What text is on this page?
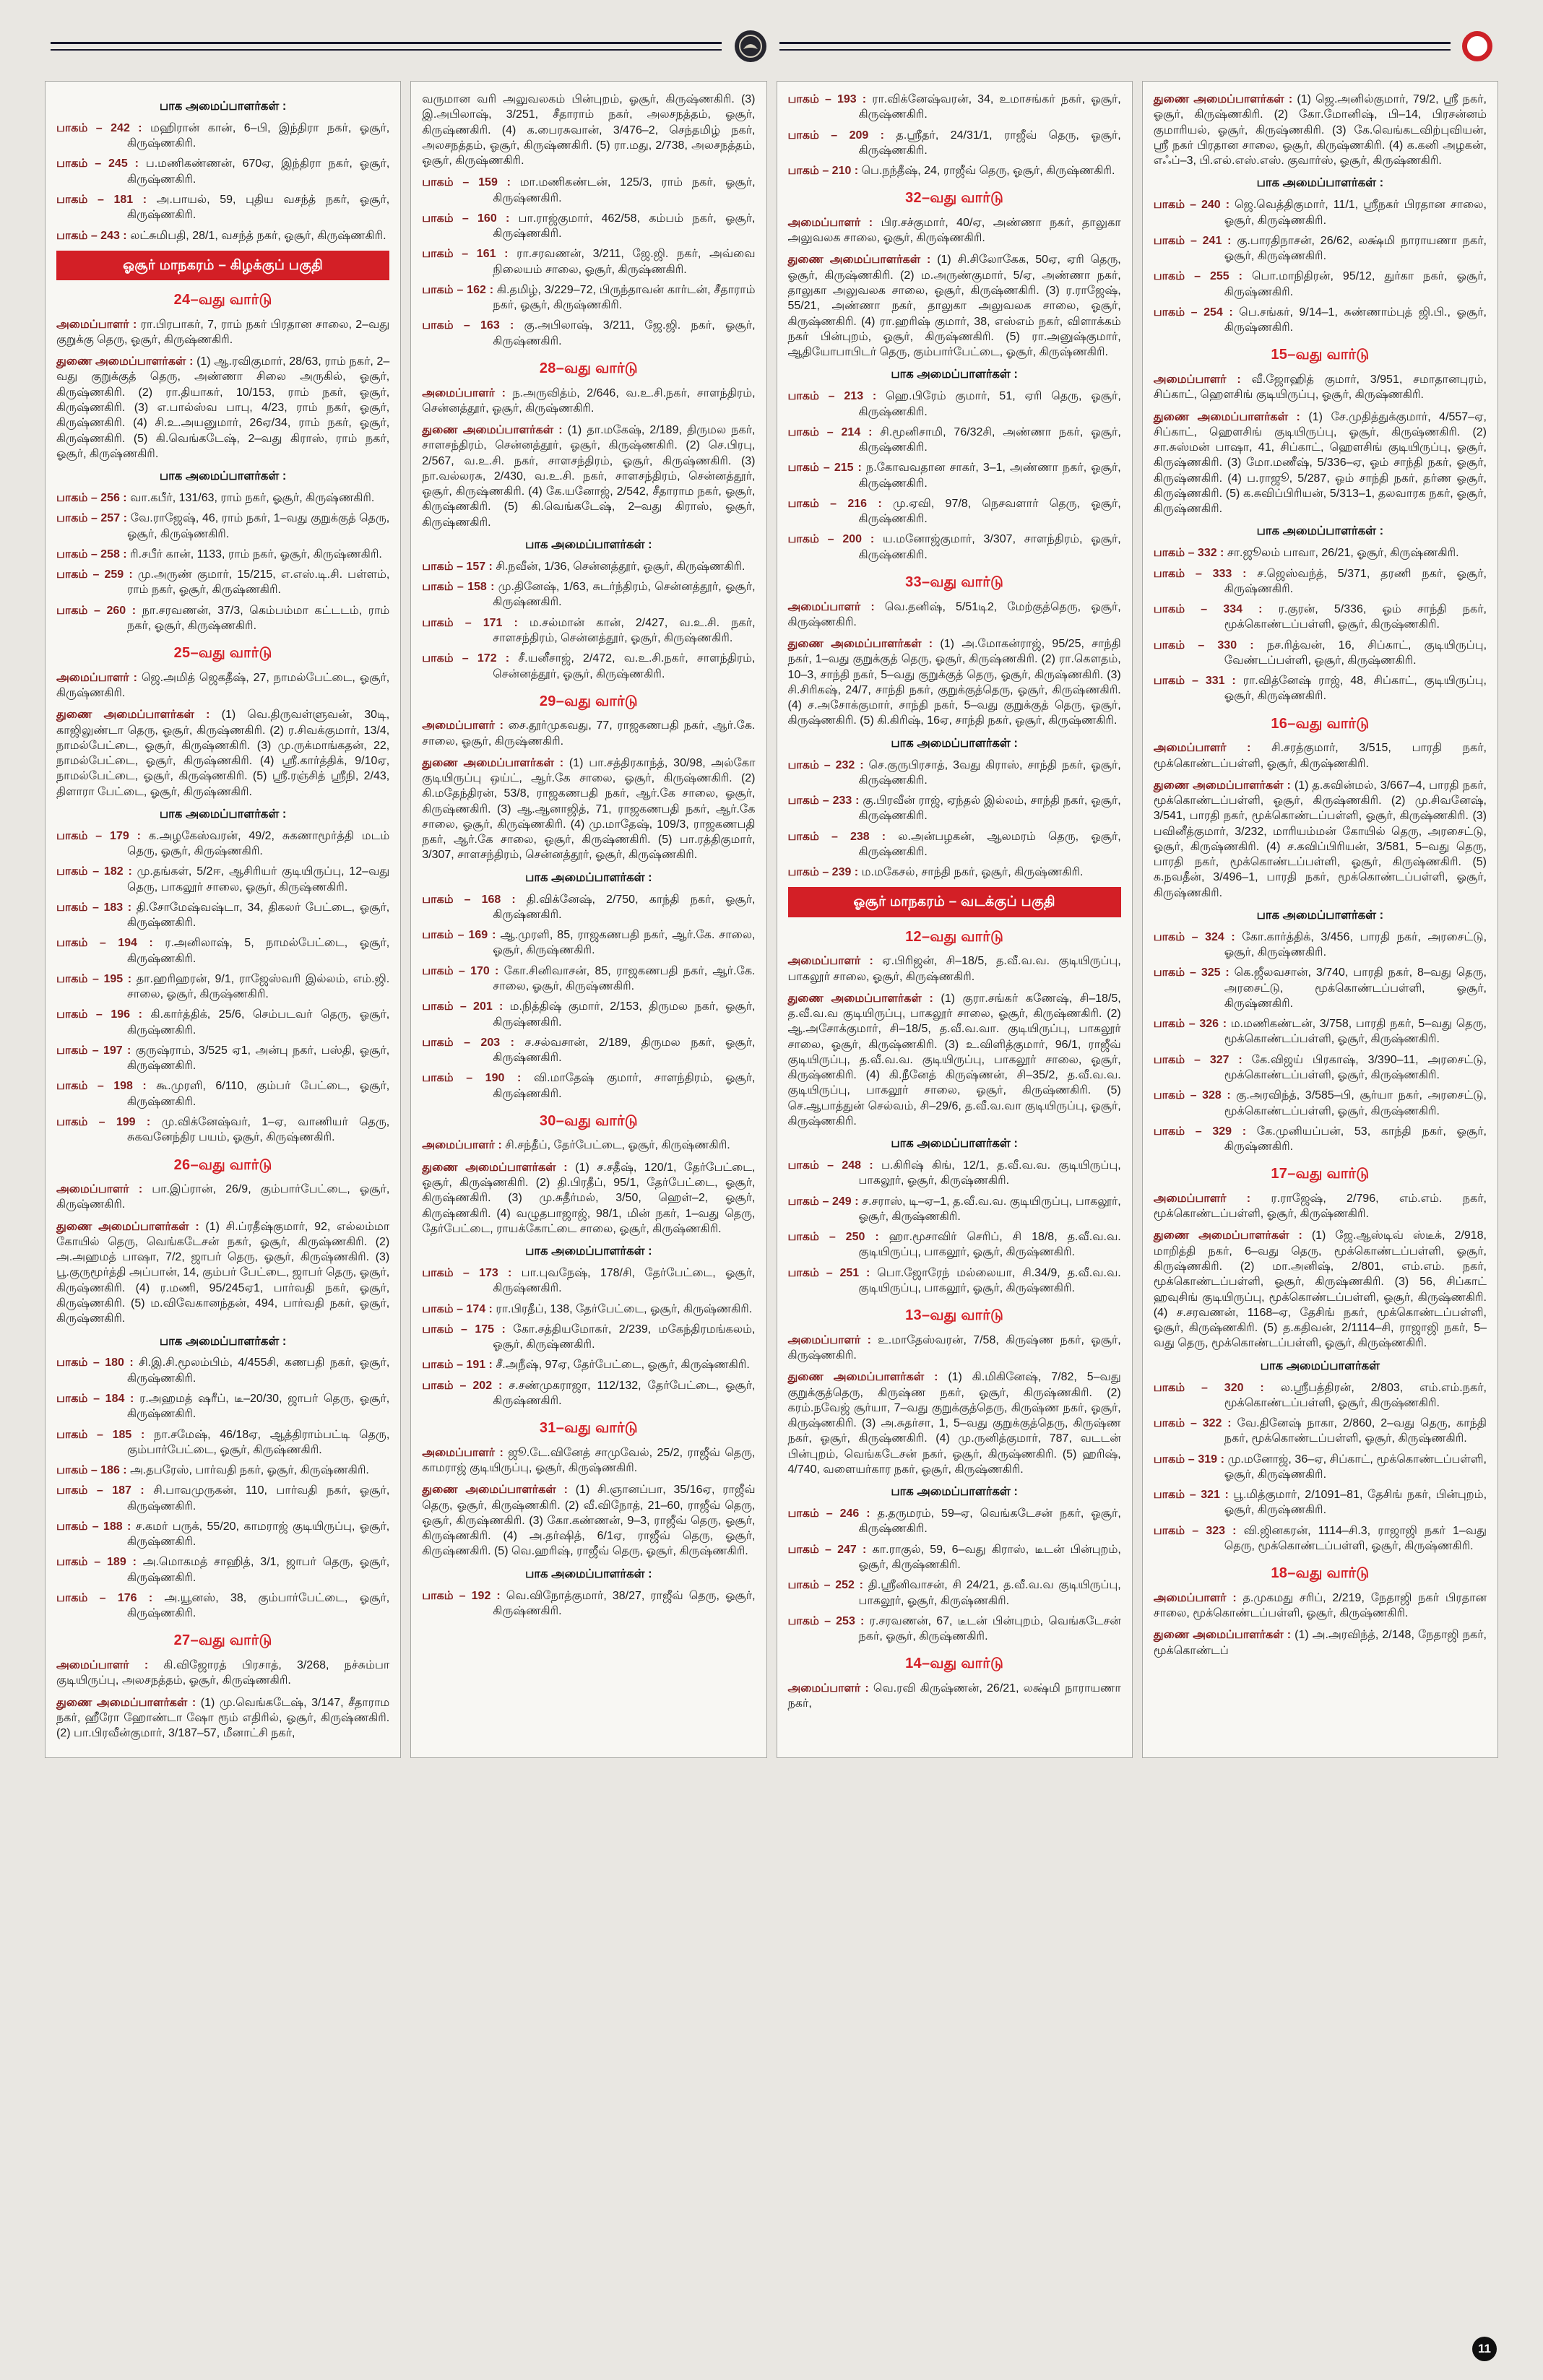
பாக அமைப்பாளர்கள் :

பாகம் – 242 : மஹிரான் கான், 6–பி, இந்திரா நகர், ஓசூர், கிருஷ்ணகிரி.

பாகம் – 245 : ப.மணிகண்ணன், 670ஏ, இந்திரா நகர், ஓசூர், கிருஷ்ணகிரி.

பாகம் – 181 : அ.பாயல், 59, புதிய வசந்த் நகர், ஓசூர், கிருஷ்ணகிரி.

பாகம் – 243 : லட்சுமிபதி, 28/1, வசந்த் நகர், ஓசூர், கிருஷ்ணகிரி.

ஓசூர் மாநகரம் – கிழக்குப் பகுதி
24–வது வார்டு

அமைப்பாளர் : ரா.பிரபாகர், 7, ராம் நகர் பிரதான சாலை, 2–வது குறுக்கு தெரு, ஓசூர், கிருஷ்ணகிரி.

துணை அமைப்பாளர்கள் : (1) ஆ.ரவிகுமார், 28/63, ராம் நகர், 2–வது குறுக்குத் தெரு, அண்ணா சிலை அருகில், ஓசூர், கிருஷ்ணகிரி. (2) ரா.தியாகர், 10/153, ராம் நகர், ஓசூர், கிருஷ்ணகிரி. (3) எ.பால்ஸ்வ பாபு, 4/23, ராம் நகர், ஓசூர், கிருஷ்ணகிரி. (4) சி.உ.அயனுமார், 26ஏ/34, ராம் நகர், ஓசூர், கிருஷ்ணகிரி. (5) கி.வெங்கடேஷ், 2–வது கிராஸ், ராம் நகர், ஓசூர், கிருஷ்ணகிரி.

பாக அமைப்பாளர்கள் :

பாகம் – 256 : வா.கபீர், 131/63, ராம் நகர், ஓசூர், கிருஷ்ணகிரி.

பாகம் – 257 : வே.ராஜேஷ், 46, ராம் நகர், 1–வது குறுக்குத் தெரு, ஓசூர், கிருஷ்ணகிரி.

பாகம் – 258 : ரி.சபீர் கான், 1133, ராம் நகர், ஓசூர், கிருஷ்ணகிரி.

பாகம் – 259 : மு.அருண் குமார், 15/215, எ.எஸ்.டி.சி. பள்ளம், ராம் நகர், ஓசூர், கிருஷ்ணகிரி.

பாகம் – 260 : நா.சரவணன், 37/3, கெம்பம்மா கட்டடம், ராம் நகர், ஓசூர், கிருஷ்ணகிரி.

25–வது வார்டு

அமைப்பாளர் : ஜெ.அமித் ஜெகதீஷ், 27, நாமல்பேட்டை, ஓசூர், கிருஷ்ணகிரி.

துணை அமைப்பாளர்கள் : (1) வெ.திருவள்ளுவன், 30டி, காஜிலுண்டா தெரு, ஓசூர், கிருஷ்ணகிரி. (2) ர.சிவக்குமார், 13/4, நாமல்பேட்டை, ஓசூர், கிருஷ்ணகிரி. (3) மு.ருக்மாங்கதன், 22, நாமல்பேட்டை, ஓசூர், கிருஷ்ணகிரி. (4) ஸ்ரீ.கார்த்திக், 9/10ஏ, நாமல்பேட்டை, ஓசூர், கிருஷ்ணகிரி. (5) ஸ்ரீ.ரஞ்சித் ஸ்ரீநி, 2/43, திளாரா பேட்டை, ஓசூர், கிருஷ்ணகிரி.

பாக அமைப்பாளர்கள் :

பாகம் – 179 : க.அழகேஸ்வரன், 49/2, சுகணாமூர்த்தி மடம் தெரு, ஓசூர், கிருஷ்ணகிரி.

பாகம் – 182 : மு.தங்கள், 5/2ஈ, ஆசிரியர் குடியிருப்பு, 12–வது தெரு, பாகலூர் சாலை, ஓசூர், கிருஷ்ணகிரி.

பாகம் – 183 : தி.சோமேஷ்வஷ்டா, 34, திகலர் பேட்டை, ஓசூர், கிருஷ்ணகிரி.

பாகம் – 194 : ர.அனிலாஷ், 5, நாமல்பேட்டை, ஓசூர், கிருஷ்ணகிரி.

பாகம் – 195 : தா.ஹரிஹரன், 9/1, ராஜேஸ்வரி இல்லம், எம்.ஜி. சாலை, ஓசூர், கிருஷ்ணகிரி.

பாகம் – 196 : கி.கார்த்திக், 25/6, செம்படவர் தெரு, ஓசூர், கிருஷ்ணகிரி.

பாகம் – 197 : குருஷ்ராம், 3/525 ஏ1, அன்பு நகர், பஸ்தி, ஓசூர், கிருஷ்ணகிரி.

பாகம் – 198 : கூ.முரளி, 6/110, கும்பர் பேட்டை, ஓசூர், கிருஷ்ணகிரி.

பாகம் – 199 : மு.விக்னேஷ்வர், 1–ஏ, வாணியர் தெரு, சுகவனேந்திர பயம், ஓசூர், கிருஷ்ணகிரி.

26–வது வார்டு

அமைப்பாளர் : பா.இப்ரான், 26/9, கும்பார்பேட்டை, ஓசூர், கிருஷ்ணகிரி.

துணை அமைப்பாளர்கள் : (1) சி.ப்ரதீஷ்குமார், 92, எல்லம்மா கோயில் தெரு, வெங்கடேசன் நகர், ஓசூர், கிருஷ்ணகிரி. (2) அ.அஹமத் பாஷா, 7/2, ஜாபர் தெரு, ஓசூர், கிருஷ்ணகிரி. (3) பூ.குருமூர்த்தி அப்பான், 14, கும்பர் பேட்டை, ஜாபர் தெரு, ஓசூர், கிருஷ்ணகிரி. (4) ர.மணி, 95/245ஏ1, பார்வதி நகர், ஓசூர், கிருஷ்ணகிரி. (5) ம.விவேகானந்தன், 494, பார்வதி நகர், ஓசூர், கிருஷ்ணகிரி.

பாக அமைப்பாளர்கள் :

பாகம் – 180 : சி.இ.சி.மூலம்பிம், 4/455சி, கணபதி நகர், ஓசூர், கிருஷ்ணகிரி.

பாகம் – 184 : ர.அஹமத் ஷரீப், டீ–20/30, ஜாபர் தெரு, ஓசூர், கிருஷ்ணகிரி.

பாகம் – 185 : நா.சமேஷ், 46/18ஏ, ஆத்திராம்பட்டி தெரு, கும்பார்பேட்டை, ஓசூர், கிருஷ்ணகிரி.

பாகம் – 186 : அ.தபரேஸ், பார்வதி நகர், ஓசூர், கிருஷ்ணகிரி.

பாகம் – 187 : சி.பாவமுருகன், 110, பார்வதி நகர், ஓசூர், கிருஷ்ணகிரி.

பாகம் – 188 : ச.கமர் பருக், 55/20, காமராஜ் குடியிருப்பு, ஓசூர், கிருஷ்ணகிரி.

பாகம் – 189 : அ.மொகமத் சாஹித், 3/1, ஜாபர் தெரு, ஓசூர், கிருஷ்ணகிரி.

பாகம் – 176 : அ.யூனஸ், 38, கும்பார்பேட்டை, ஓசூர், கிருஷ்ணகிரி.

27–வது வார்டு

அமைப்பாளர் : கி.விஜோரத் பிரசாத், 3/268, நச்சும்பா குடியிருப்பு, அலசநத்தம், ஓசூர், கிருஷ்ணகிரி.

துணை அமைப்பாளர்கள் : (1) மு.வெங்கடேஷ், 3/147, சீதாராம நகர், ஹீரோ ஹோண்டா ஷோ ரூம் எதிரில், ஓசூர், கிருஷ்ணகிரி. (2) பா.பிரவீன்குமார், 3/187–57, மீனாட்சி நகர்,

வருமான வரி அலுவலகம் பின்புறம், ஓசூர், கிருஷ்ணகிரி. (3) இ.அபிலாஷ், 3/251, சீதாராம் நகர், அலசநத்தம், ஓசூர், கிருஷ்ணகிரி. (4) க.பைரசுவான், 3/476–2, செந்தமிழ் நகர், அலசநத்தம், ஓசூர், கிருஷ்ணகிரி. (5) ரா.மது, 2/738, அலசநத்தம், ஓசூர், கிருஷ்ணகிரி.

பாகம் – 159 : மா.மணிகண்டன், 125/3, ராம் நகர், ஓசூர், கிருஷ்ணகிரி.

பாகம் – 160 : பா.ராஜ்குமார், 462/58, கம்பம் நகர், ஓசூர், கிருஷ்ணகிரி.

பாகம் – 161 : ரா.சரவணன், 3/211, ஜே.ஜி. நகர், அவ்வை நிலையம் சாலை, ஓசூர், கிருஷ்ணகிரி.

பாகம் – 162 : கி.தமிழ், 3/229–72, பிருந்தாவன் கார்டன், சீதாராம் நகர், ஓசூர், கிருஷ்ணகிரி.

பாகம் – 163 : கு.அபிலாஷ், 3/211, ஜே.ஜி. நகர், ஓசூர், கிருஷ்ணகிரி.

28–வது வார்டு

அமைப்பாளர் : ந.அருவித்ம், 2/646, வ.உ.சி.நகர், சாளந்திரம், சென்னத்தூர், ஓசூர், கிருஷ்ணகிரி.

துணை அமைப்பாளர்கள் : (1) தா.மகேஷ், 2/189, திருமல நகர், சாளசந்திரம், சென்னத்தூர், ஓசூர், கிருஷ்ணகிரி. (2) செ.பிரபு, 2/567, வ.உ.சி. நகர், சாளசந்திரம், ஓசூர், கிருஷ்ணகிரி. (3) நா.வல்லரசு, 2/430, வ.உ.சி. நகர், சாளசந்திரம், சென்னத்தூர், ஓசூர், கிருஷ்ணகிரி. (4) கே.யனோஜ், 2/542, சீதாராம நகர், ஓசூர், கிருஷ்ணகிரி. (5) கி.வெங்கடேஷ், 2–வது கிராஸ், ஓசூர், கிருஷ்ணகிரி.

பாக அமைப்பாளர்கள் :

பாகம் – 157 : சி.நவீன், 1/36, சென்னத்தூர், ஓசூர், கிருஷ்ணகிரி.

பாகம் – 158 : மு.தினேஷ், 1/63, சுடர்ந்திரம், சென்னத்தூர், ஓசூர், கிருஷ்ணகிரி.

பாகம் – 171 : ம.சல்மான் கான், 2/427, வ.உ.சி. நகர், சாளசந்திரம், சென்னத்தூர், ஓசூர், கிருஷ்ணகிரி.

பாகம் – 172 : சீ.யனீசாஜ், 2/472, வ.உ.சி.நகர், சாளந்திரம், சென்னத்தூர், ஓசூர், கிருஷ்ணகிரி.

29–வது வார்டு

அமைப்பாளர் : சை.தூர்முகவது, 77, ராஜகணபதி நகர், ஆர்.கே. சாலை, ஓசூர், கிருஷ்ணகிரி.

துணை அமைப்பாளர்கள் : (1) பா.சத்திரகாந்த், 30/98, அல்கோ குடியிருப்பு ஒய்ட், ஆர்.கே சாலை, ஓசூர், கிருஷ்ணகிரி. (2) கி.மதேந்திரன், 53/8, ராஜகணபதி நகர், ஆர்.கே சாலை, ஓசூர், கிருஷ்ணகிரி. (3) ஆ.ஆனாஜித், 71, ராஜகணபதி நகர், ஆர்.கே சாலை, ஓசூர், கிருஷ்ணகிரி. (4) மு.மாதேஷ், 109/3, ராஜகணபதி நகர், ஆர்.கே சாலை, ஓசூர், கிருஷ்ணகிரி. (5) பா.ரத்திகுமார், 3/307, சாளசந்திரம், சென்னத்தூர், ஓசூர், கிருஷ்ணகிரி.

பாக அமைப்பாளர்கள் :

பாகம் – 168 : தி.விக்னேஷ், 2/750, காந்தி நகர், ஓசூர், கிருஷ்ணகிரி.

பாகம் – 169 : ஆ.முரளி, 85, ராஜகணபதி நகர், ஆர்.கே. சாலை, ஓசூர், கிருஷ்ணகிரி.

பாகம் – 170 : கோ.சினிவாசன், 85, ராஜகணபதி நகர், ஆர்.கே. சாலை, ஓசூர், கிருஷ்ணகிரி.

பாகம் – 201 : ம.நித்திஷ் குமார், 2/153, திருமல நகர், ஓசூர், கிருஷ்ணகிரி.

பாகம் – 203 : ச.சல்வசான், 2/189, திருமல நகர், ஓசூர், கிருஷ்ணகிரி.

பாகம் – 190 : வி.மாதேஷ் குமார், சாளந்திரம், ஓசூர், கிருஷ்ணகிரி.

30–வது வார்டு

அமைப்பாளர் : சி.சந்தீப், தேர்பேட்டை, ஓசூர், கிருஷ்ணகிரி.

துணை அமைப்பாளர்கள் : (1) ச.சதீஷ், 120/1, தேர்பேட்டை, ஓசூர், கிருஷ்ணகிரி. (2) தி.பிரதீப், 95/1, தேர்பேட்டை, ஓசூர், கிருஷ்ணகிரி. (3) மு.சுதீர்மல், 3/50, ஹெள்–2, ஓசூர், கிருஷ்ணகிரி. (4) வழுதபாஜாஜ், 98/1, மின் நகர், 1–வது தெரு, தேர்பேட்டை, ராயக்கோட்டை சாலை, ஓசூர், கிருஷ்ணகிரி.

பாக அமைப்பாளர்கள் :

பாகம் – 173 : பா.புவநேஷ், 178/சி, தேர்பேட்டை, ஓசூர், கிருஷ்ணகிரி.

பாகம் – 174 : ரா.பிரதீப், 138, தேர்பேட்டை, ஓசூர், கிருஷ்ணகிரி.

பாகம் – 175 : கோ.சத்தியமோகர், 2/239, மகேந்திரமங்கலம், ஓசூர், கிருஷ்ணகிரி.

பாகம் – 191 : சீ.அநீஷ், 97ஏ, தேர்பேட்டை, ஓசூர், கிருஷ்ணகிரி.

பாகம் – 202 : ச.சண்முகராஜா, 112/132, தேர்பேட்டை, ஓசூர், கிருஷ்ணகிரி.

31–வது வார்டு

அமைப்பாளர் : ஜூ.டே.வினேத் சாமுவேல், 25/2, ராஜீவ் தெரு, காமராஜ் குடியிருப்பு, ஓசூர், கிருஷ்ணகிரி.

துணை அமைப்பாளர்கள் : (1) சி.ஞானப்பா, 35/16ஏ, ராஜீவ் தெரு, ஓசூர், கிருஷ்ணகிரி. (2) வீ.விநோத், 21–60, ராஜீவ் தெரு, ஓசூர், கிருஷ்ணகிரி. (3) கோ.கண்ணன், 9–3, ராஜீவ் தெரு, ஓசூர், கிருஷ்ணகிரி. (4) அ.தர்ஷித், 6/1ஏ, ராஜீவ் தெரு, ஓசூர், கிருஷ்ணகிரி. (5) வெ.ஹரிஷ், ராஜீவ் தெரு, ஓசூர், கிருஷ்ணகிரி.

பாக அமைப்பாளர்கள் :

பாகம் – 192 : வெ.விநோத்குமார், 38/27, ராஜீவ் தெரு, ஓசூர், கிருஷ்ணகிரி.

பாகம் – 193 : ரா.விக்னேஷ்வரன், 34, உமாசங்கர் நகர், ஓசூர், கிருஷ்ணகிரி.

பாகம் – 209 : த.ஸ்ரீதர், 24/31/1, ராஜீவ் தெரு, ஓசூர், கிருஷ்ணகிரி.

பாகம் – 210 : பெ.நந்தீஷ், 24, ராஜீவ் தெரு, ஓசூர், கிருஷ்ணகிரி.

32–வது வார்டு

அமைப்பாளர் : பிர.சச்குமார், 40/ஏ, அண்ணா நகர், தாலுகா அலுவலக சாலை, ஓசூர், கிருஷ்ணகிரி.

துணை அமைப்பாளர்கள் : (1) சி.சிலோகேக, 50ஏ, ஏரி தெரு, ஓசூர், கிருஷ்ணகிரி. (2) ம.அருண்குமார், 5/ஏ, அண்ணா நகர், தாலுகா அலுவலக சாலை, ஓசூர், கிருஷ்ணகிரி. (3) ர.ராஜேஷ், 55/21, அண்ணா நகர், தாலுகா அலுவலக சாலை, ஓசூர், கிருஷ்ணகிரி. (4) ரா.ஹரிஷ் குமார், 38, எஸ்எம் நகர், விளாக்கம் நகர் பின்புறம், ஓசூர், கிருஷ்ணகிரி. (5) ரா.அனுஷ்குமார், ஆதியோபாபிடர் தெரு, கும்பார்பேட்டை, ஓசூர், கிருஷ்ணகிரி.

பாக அமைப்பாளர்கள் :

பாகம் – 213 : ஹெ.பிரேம் குமார், 51, ஏரி தெரு, ஓசூர், கிருஷ்ணகிரி.

பாகம் – 214 : சி.மூனிசாமி, 76/32சி, அண்ணா நகர், ஓசூர், கிருஷ்ணகிரி.

பாகம் – 215 : ந.கோவவதான சாகர், 3–1, அண்ணா நகர், ஓசூர், கிருஷ்ணகிரி.

பாகம் – 216 : மு.ஏவி, 97/8, நெசவளார் தெரு, ஓசூர், கிருஷ்ணகிரி.

பாகம் – 200 : ய.மனோஜ்குமார், 3/307, சாளந்திரம், ஓசூர், கிருஷ்ணகிரி.

33–வது வார்டு

அமைப்பாளர் : வெ.தனிஷ், 5/51டி2, மேற்குத்தெரு, ஓசூர், கிருஷ்ணகிரி.

துணை அமைப்பாளர்கள் : (1) அ.மோகன்ராஜ், 95/25, சாந்தி நகர், 1–வது குறுக்குத் தெரு, ஓசூர், கிருஷ்ணகிரி. (2) ரா.கௌதம், 10–3, சாந்தி நகர், 5–வது குறுக்குத் தெரு, ஓசூர், கிருஷ்ணகிரி. (3) சி.சிரிகஷ், 24/7, சாந்தி நகர், குறுக்குத்தெரு, ஓசூர், கிருஷ்ணகிரி. (4) ச.அசோக்குமார், சாந்தி நகர், 5–வது குறுக்குத் தெரு, ஓசூர், கிருஷ்ணகிரி. (5) கி.கிரிஷ், 16ஏ, சாந்தி நகர், ஓசூர், கிருஷ்ணகிரி.

பாக அமைப்பாளர்கள் :

பாகம் – 232 : செ.குருபிரசாத், 3வது கிராஸ், சாந்தி நகர், ஓசூர், கிருஷ்ணகிரி.

பாகம் – 233 : கு.பிரவீன் ராஜ், ஏந்தல் இல்லம், சாந்தி நகர், ஓசூர், கிருஷ்ணகிரி.

பாகம் – 238 : ல.அன்பழகன், ஆலமரம் தெரு, ஓசூர், கிருஷ்ணகிரி.

பாகம் – 239 : ம.மகேசல், சாந்தி நகர், ஓசூர், கிருஷ்ணகிரி.

ஓசூர் மாநகரம் – வடக்குப் பகுதி
12–வது வார்டு

அமைப்பாளர் : ஏ.பிரிஜன், சி–18/5, த.வீ.வ.வ. குடியிருப்பு, பாகலூர் சாலை, ஓசூர், கிருஷ்ணகிரி.

துணை அமைப்பாளர்கள் : (1) குரா.சங்கர் கணேஷ், சி–18/5, த.வீ.வ.வ குடியிருப்பு, பாகலூர் சாலை, ஓசூர், கிருஷ்ணகிரி. (2) ஆ.அசோக்குமார், சி–18/5, த.வீ.வ.வா. குடியிருப்பு, பாகலூர் சாலை, ஓசூர், கிருஷ்ணகிரி. (3) உ.விளித்குமார், 96/1, ராஜீவ் குடியிருப்பு, த.வீ.வ.வ. குடியிருப்பு, பாகலூர் சாலை, ஓசூர், கிருஷ்ணகிரி. (4) கி.நீனேத் கிருஷ்ணன், சி–35/2, த.வீ.வ.வ. குடியிருப்பு, பாகலூர் சாலை, ஓசூர், கிருஷ்ணகிரி. (5) செ.ஆபாத்துன் செல்வம், சி–29/6, த.வீ.வ.வா குடியிருப்பு, ஓசூர், கிருஷ்ணகிரி.

பாக அமைப்பாளர்கள் :

பாகம் – 248 : ப.கிரிஷ் கிங், 12/1, த.வீ.வ.வ. குடியிருப்பு, பாகலூர், ஓசூர், கிருஷ்ணகிரி.

பாகம் – 249 : ச.சராஸ், டி–ஏ–1, த.வீ.வ.வ. குடியிருப்பு, பாகலூர், ஓசூர், கிருஷ்ணகிரி.

பாகம் – 250 : ஹா.மூசாவிர் செரிப், சி 18/8, த.வீ.வ.வ. குடியிருப்பு, பாகலூர், ஓசூர், கிருஷ்ணகிரி.

பாகம் – 251 : பொ.ஜோரேந் மல்லையா, சி.34/9, த.வீ.வ.வ. குடியிருப்பு, பாகலூர், ஓசூர், கிருஷ்ணகிரி.

13–வது வார்டு

அமைப்பாளர் : உ.மாதேஸ்வரன், 7/58, கிருஷ்ண நகர், ஓசூர், கிருஷ்ணகிரி.

துணை அமைப்பாளர்கள் : (1) கி.மிகினேஷ், 7/82, 5–வது குறுக்குத்தெரு, கிருஷ்ண நகர், ஓசூர், கிருஷ்ணகிரி. (2) கரம்.நவேஜ் சூர்யா, 7–வது குறுக்குத்தெரு, கிருஷ்ண நகர், ஓசூர், கிருஷ்ணகிரி. (3) அ.சுதர்சா, 1, 5–வது குறுக்குத்தெரு, கிருஷ்ண நகர், ஓசூர், கிருஷ்ணகிரி. (4) மு.ருனித்குமார், 787, வடடன் பின்புறம், வெங்கடேசன் நகர், ஓசூர், கிருஷ்ணகிரி. (5) ஹரிஷ், 4/740, வளையர்கார நகர், ஓசூர், கிருஷ்ணகிரி.

பாக அமைப்பாளர்கள் :

பாகம் – 246 : த.தருமரம், 59–ஏ, வெங்கடேசன் நகர், ஓசூர், கிருஷ்ணகிரி.

பாகம் – 247 : கா.ராகுல், 59, 6–வது கிராஸ், டீடன் பின்புறம், ஓசூர், கிருஷ்ணகிரி.

பாகம் – 252 : தி.ஸ்ரீனிவாசன், சி 24/21, த.வீ.வ.வ குடியிருப்பு, பாகலூர், ஓசூர், கிருஷ்ணகிரி.

பாகம் – 253 : ர.சரவணன், 67, டீடன் பின்புறம், வெங்கடேசன் நகர், ஓசூர், கிருஷ்ணகிரி.

14–வது வார்டு

அமைப்பாளர் : வெ.ரவி கிருஷ்ணன், 26/21, லக்ஷ்மி நாராயணா நகர்,

துணை அமைப்பாளர்கள் : (1) ஜெ.அனில்குமார், 79/2, ஸ்ரீ நகர், ஓசூர், கிருஷ்ணகிரி. (2) கோ.மோனிஷ், பி–14, பிரசன்னம் குமாரியல், ஓசூர், கிருஷ்ணகிரி. (3) கே.வெங்கடவிற்புவியன், ஸ்ரீ நகர் பிரதான சாலை, ஓசூர், கிருஷ்ணகிரி. (4) க.கனி அழகன், எஃப்–3, பி.எல்.எஸ்.எஸ். குவார்ஸ், ஓசூர், கிருஷ்ணகிரி.

பாக அமைப்பாளர்கள் :

பாகம் – 240 : ஜெ.வெத்திகுமார், 11/1, ஸ்ரீநகர் பிரதான சாலை, ஓசூர், கிருஷ்ணகிரி.

பாகம் – 241 : கு.பாரதிநாசன், 26/62, லக்ஷ்மி நாராயணா நகர், ஓசூர், கிருஷ்ணகிரி.

பாகம் – 255 : பொ.மாநிதிரன், 95/12, துர்கா நகர், ஓசூர், கிருஷ்ணகிரி.

பாகம் – 254 : பெ.சங்கர், 9/14–1, சுண்ணாம்புத் ஜி.பி., ஓசூர், கிருஷ்ணகிரி.

15–வது வார்டு

அமைப்பாளர் : வீ.ஜோஹித் குமார், 3/951, சமாதானபுரம், சிப்காட், ஹெளசிங் குடியிருப்பு, ஓசூர், கிருஷ்ணகிரி.

துணை அமைப்பாளர்கள் : (1) சே.முதித்துக்குமார், 4/557–ஏ, சிப்காட், ஹெளசிங் குடியிருப்பு, ஓசூர், கிருஷ்ணகிரி. (2) சா.சுஸ்மன் பாஷா, 41, சிப்காட், ஹெளசிங் குடியிருப்பு, ஓசூர், கிருஷ்ணகிரி. (3) மோ.மணீஷ், 5/336–ஏ, ஓம் சாந்தி நகர், ஓசூர், கிருஷ்ணகிரி. (4) ப.ராஜூ, 5/287, ஓம் சாந்தி நகர், தர்ண ஓசூர், கிருஷ்ணகிரி. (5) க.சுவிப்பிரியன், 5/313–1, தலவாரக நகர், ஓசூர், கிருஷ்ணகிரி.

பாக அமைப்பாளர்கள் :

பாகம் – 332 : சா.ஜூலம் பாவா, 26/21, ஓசூர், கிருஷ்ணகிரி.

பாகம் – 333 : ச.ஜெஸ்வந்த், 5/371, தரணி நகர், ஓசூர், கிருஷ்ணகிரி.

பாகம் – 334 : ர.குரன், 5/336, ஓம் சாந்தி நகர், மூக்கொண்டப்பள்ளி, ஓசூர், கிருஷ்ணகிரி.

பாகம் – 330 : நச.ரித்வன், 16, சிப்காட், குடியிருப்பு, வேண்டப்பள்ளி, ஓசூர், கிருஷ்ணகிரி.

பாகம் – 331 : ரா.வித்னேஷ் ராஜ், 48, சிப்காட், குடியிருப்பு, ஓசூர், கிருஷ்ணகிரி.

16–வது வார்டு

அமைப்பாளர் : சி.சரத்குமார், 3/515, பாரதி நகர், மூக்கொண்டப்பள்ளி, ஓசூர், கிருஷ்ணகிரி.

துணை அமைப்பாளர்கள் : (1) த.கவின்மல், 3/667–4, பாரதி நகர், மூக்கொண்டப்பள்ளி, ஓசூர், கிருஷ்ணகிரி. (2) மு.சிவனேஷ், 3/541, பாரதி நகர், மூக்கொண்டப்பள்ளி, ஓசூர், கிருஷ்ணகிரி. (3) பவினீத்குமார், 3/232, மாரியம்மன் கோயில் தெரு, அரசைட்டு, ஓசூர், கிருஷ்ணகிரி. (4) ச.கவிப்பிரியன், 3/581, 5–வது தெரு, பாரதி நகர், மூக்கொண்டப்பள்ளி, ஓசூர், கிருஷ்ணகிரி. (5) க.நவதீன், 3/496–1, பாரதி நகர், மூக்கொண்டப்பள்ளி, ஓசூர், கிருஷ்ணகிரி.

பாக அமைப்பாளர்கள் :

பாகம் – 324 : கோ.கார்த்திக், 3/456, பாரதி நகர், அரசைட்டு, ஓசூர், கிருஷ்ணகிரி.

பாகம் – 325 : கெ.ஜீலவசான், 3/740, பாரதி நகர், 8–வது தெரு, அரசைட்டு, மூக்கொண்டப்பள்ளி, ஓசூர், கிருஷ்ணகிரி.

பாகம் – 326 : ம.மணிகண்டன், 3/758, பாரதி நகர், 5–வது தெரு, மூக்கொண்டப்பள்ளி, ஓசூர், கிருஷ்ணகிரி.

பாகம் – 327 : கே.விஜய் பிரகாஷ், 3/390–11, அரசைட்டு, மூக்கொண்டப்பள்ளி, ஓசூர், கிருஷ்ணகிரி.

பாகம் – 328 : கு.அரவிந்த், 3/585–பி, சூர்யா நகர், அரசைட்டு, மூக்கொண்டப்பள்ளி, ஓசூர், கிருஷ்ணகிரி.

பாகம் – 329 : கே.முனியப்பன், 53, காந்தி நகர், ஓசூர், கிருஷ்ணகிரி.

17–வது வார்டு

அமைப்பாளர் : ர.ராஜேஷ், 2/796, எம்.எம். நகர், மூக்கொண்டப்பள்ளி, ஓசூர், கிருஷ்ணகிரி.

துணை அமைப்பாளர்கள் : (1) ஜே.ஆஸ்டிவ் ஸ்டீக், 2/918, மாறித்தி நகர், 6–வது தெரு, மூக்கொண்டப்பள்ளி, ஓசூர், கிருஷ்ணகிரி. (2) மா.அனிஷ், 2/801, எம்.எம். நகர், மூக்கொண்டப்பள்ளி, ஓசூர், கிருஷ்ணகிரி. (3) 56, சிப்காட் ஹவுசிங் குடியிருப்பு, மூக்கொண்டப்பள்ளி, ஓசூர், கிருஷ்ணகிரி. (4) ச.சரவணன், 1168–ஏ, தேசிங் நகர், மூக்கொண்டப்பள்ளி, ஓசூர், கிருஷ்ணகிரி. (5) த.கதிவன், 2/1114–சி, ராஜாஜி நகர், 5–வது தெரு, மூக்கொண்டப்பள்ளி, ஓசூர், கிருஷ்ணகிரி.

பாக அமைப்பாளர்கள்

பாகம் – 320 : ல.ஸ்ரீபத்திரன், 2/803, எம்.எம்.நகர், மூக்கொண்டப்பள்ளி, ஓசூர், கிருஷ்ணகிரி.

பாகம் – 322 : வே.தினேஷ் நாகா, 2/860, 2–வது தெரு, காந்தி நகர், மூக்கொண்டப்பள்ளி, ஓசூர், கிருஷ்ணகிரி.

பாகம் – 319 : மு.மனோஜ், 36–ஏ, சிப்காட், மூக்கொண்டப்பள்ளி, ஓசூர், கிருஷ்ணகிரி.

பாகம் – 321 : பூ.மித்குமார், 2/1091–81, தேசிங் நகர், பின்புறம், ஓசூர், கிருஷ்ணகிரி.

பாகம் – 323 : வி.ஜினகரன், 1114–சி.3, ராஜாஜி நகர் 1–வது தெரு, மூக்கொண்டப்பள்ளி, ஓசூர், கிருஷ்ணகிரி.

18–வது வார்டு

அமைப்பாளர் : த.முகமது சரிப், 2/219, நேதாஜி நகர் பிரதான சாலை, மூக்கொண்டப்பள்ளி, ஓசூர், கிருஷ்ணகிரி.

துணை அமைப்பாளர்கள் : (1) அ.அரவிந்த், 2/148, நேதாஜி நகர், மூக்கொண்டப்

11
